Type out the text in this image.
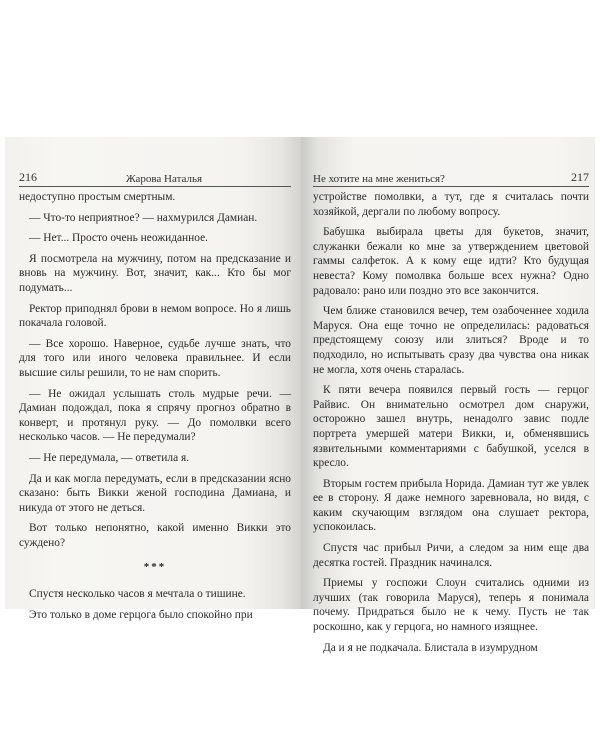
216	Жарова Наталья

недоступно простым смертным.

— Что-то неприятное? — нахмурился Дамиан.

— Нет... Просто очень неожиданное.

Я посмотрела на мужчину, потом на предсказание и вновь на мужчину. Вот, значит, как... Кто бы мог подумать...

Ректор приподнял брови в немом вопросе. Но я лишь покачала головой.

— Все хорошо. Наверное, судьбе лучше знать, что для того или иного человека правильнее. И если высшие силы решили, то не нам спорить.

— Не ожидал услышать столь мудрые речи. — Дамиан подождал, пока я спрячу прогноз обратно в конверт, и протянул руку. — До помолвки всего несколько часов. — Не передумали?

— Не передумала, — ответила я.

Да и как могла передумать, если в предсказании ясно сказано: быть Викки женой господина Дамиана, и никуда от этого не деться.

Вот только непонятно, какой именно Викки это суждено?

***

Спустя несколько часов я мечтала о тишине.

Это только в доме герцога было спокойно при

Не хотите на мне жениться?	217

устройстве помолвки, а тут, где я считалась почти хозяйкой, дергали по любому вопросу.

Бабушка выбирала цветы для букетов, значит, служанки бежали ко мне за утверждением цветовой гаммы салфеток. А к кому еще идти? Кто будущая невеста? Кому помолвка больше всех нужна? Одно радовало: рано или поздно это все закончится.

Чем ближе становился вечер, тем озабоченнее ходила Маруся. Она еще точно не определилась: радоваться предстоящему союзу или злиться? Вроде и то подходило, но испытывать сразу два чувства она никак не могла, хотя очень старалась.

К пяти вечера появился первый гость — герцог Райвис. Он внимательно осмотрел дом снаружи, осторожно зашел внутрь, ненадолго завис подле портрета умершей матери Викки, и, обменявшись язвительными комментариями с бабушкой, уселся в кресло.

Вторым гостем прибыла Норида. Дамиан тут же увлек ее в сторону. Я даже немного заревновала, но видя, с каким скучающим взглядом она слушает ректора, успокоилась.

Спустя час прибыл Ричи, а следом за ним еще два десятка гостей. Праздник начинался.

Приемы у госпожи Слоун считались одними из лучших (так говорила Маруся), теперь я понимала почему. Придраться было не к чему. Пусть не так роскошно, как у герцога, но намного изящнее.

Да и я не подкачала. Блистала в изумрудном
